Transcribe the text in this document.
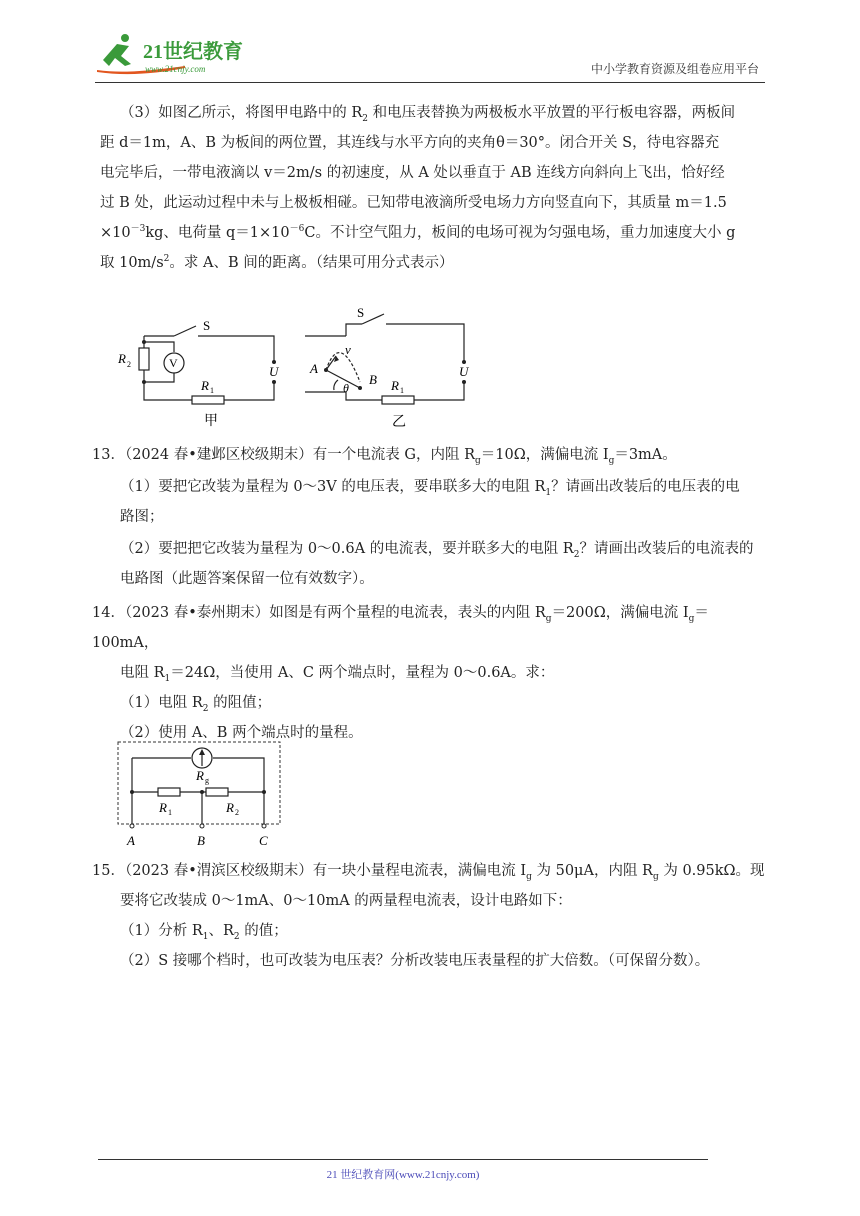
21世纪教育
www.21cnjy.com	中小学教育资源及组卷应用平台

（3）如图乙所示，将图甲电路中的 $R_2$ 和电压表替换为两极板水平放置的平行板电容器，两板间

距 d＝1m，A、B 为板间的两位置，其连线与水平方向的夹角θ＝30°。闭合开关 S，待电容器充

电完毕后，一带电液滴以 v＝2m/s 的初速度，从 A 处以垂直于 AB 连线方向斜向上飞出，恰好经

过 B 处，此运动过程中未与上极板相碰。已知带电液滴所受电场力方向竖直向下，其质量 m＝1.5

$\times 10^{-3}kg$、电荷量 $q=1\times 10^{-6}C$。不计空气阻力，板间的电场可视为匀强电场，重力加速度大小 g

取 $10m/s^2$。求 A、B 间的距离。（结果可用分式表示）

S
R 2	V
R 1
U
甲
S
v
A
B
θ	R 1
U
乙

13．（2024 春•建邺区校级期末）有一个电流表 G，内阻 $R_g=10\Omega$，满偏电流 $I_g=3mA$。

（1）要把它改装为量程为 0～3V 的电压表，要串联多大的电阻 $R_1$？请画出改装后的电压表的电

路图；

（2）要把把它改装为量程为 0～0.6A 的电流表，要并联多大的电阻 $R_2$？请画出改装后的电流表的

电路图（此题答案保留一位有效数字）。

14．（2023 春•泰州期末）如图是有两个量程的电流表，表头的内阻 $R_g=200\Omega$，满偏电流 $I_g=100mA$，

电阻 $R_1=24\Omega$，当使用 A、C 两个端点时，量程为 0～0.6A。求：

（1）电阻 $R_2$ 的阻值；

（2）使用 A、B 两个端点时的量程。

R g
R 1	R 2
A	B	C

15．（2023 春•渭滨区校级期末）有一块小量程电流表，满偏电流 $I_g$ 为 50μA，内阻 $R_g$ 为 0.95kΩ。现

要将它改装成 0～1mA、0～10mA 的两量程电流表，设计电路如下：

（1）分析 $R_1$、$R_2$ 的值；

（2）S 接哪个档时，也可改装为电压表？分析改装电压表量程的扩大倍数。（可保留分数）。

21 世纪教育网(www.21cnjy.com)
